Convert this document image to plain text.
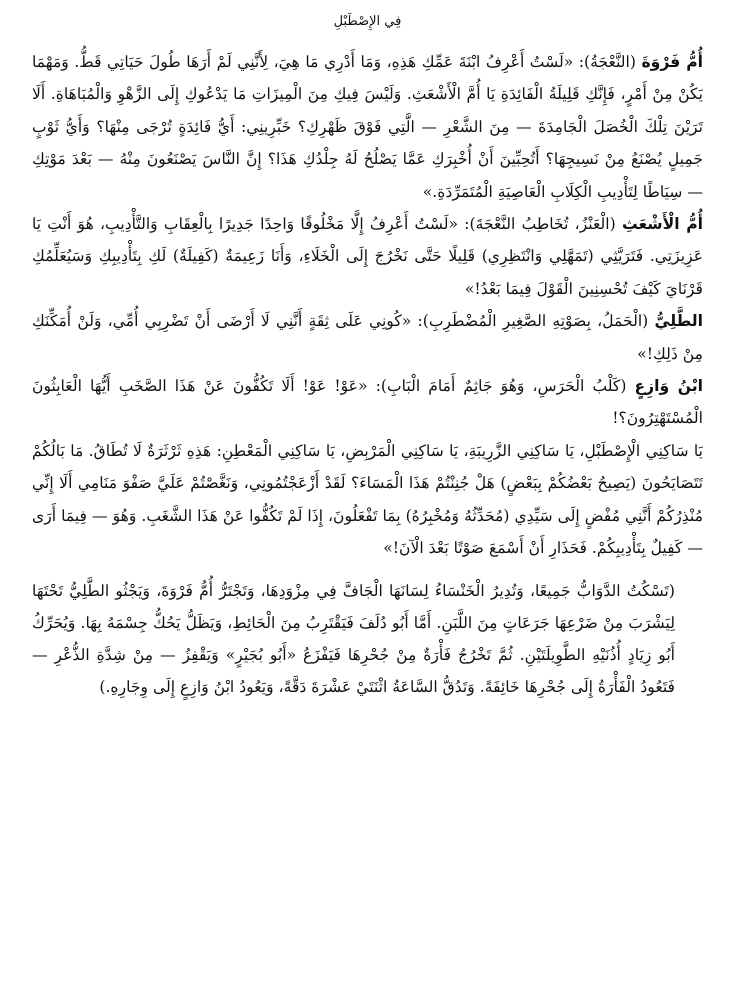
فِي الإِصْطَبْلِ

أُمُّ فَرْوَةَ (النَّعْجَةُ): «لَسْتُ أَعْرِفُ ابْنَةَ عَمِّكِ هَذِهِ، وَمَا أَدْرِي مَا هِيَ، لِأَنَّنِي لَمْ أَرَهَا طُولَ حَيَاتِي قَطُّ. وَمَهْمَا يَكُنْ مِنْ أَمْرٍ، فَإِنَّكِ قَلِيلَةُ الْفَائِدَةِ يَا أُمَّ الْأَشْعَثِ. وَلَيْسَ فِيكِ مِنَ الْمِيزَاتِ مَا يَدْعُوكِ إِلَى الزَّهْوِ وَالْمُبَاهَاةِ. أَلَا تَرَيْنَ تِلْكَ الْخُصَلَ الْجَامِدَةَ — مِنَ الشَّعْرِ — الَّتِي فَوْقَ ظَهْرِكِ؟ خَبِّرِينِي: أَيُّ فَائِدَةٍ تُرْجَى مِنْهَا؟ وَأَيُّ ثَوْبٍ جَمِيلٍ يُصْنَعُ مِنْ نَسِيجِهَا؟ أَتُحِبِّينَ أَنْ أُخْبِرَكِ عَمَّا يَصْلُحُ لَهُ جِلْدُكِ هَذَا؟ إِنَّ النَّاسَ يَصْنَعُونَ مِنْهُ — بَعْدَ مَوْتِكِ — سِيَاطًا لِتَأْدِيبِ الْكِلَابِ الْعَاصِيَةِ الْمُتَمَرِّدَةِ.»

أُمُّ الْأَشْعَثِ (الْعَنْزُ، تُخَاطِبُ النَّعْجَةَ): «لَسْتُ أَعْرِفُ إِلَّا مَخْلُوقًا وَاحِدًا جَدِيرًا بِالْعِقَابِ وَالتَّأْدِيبِ، هُوَ أَنْتِ يَا عَزِيزَتِي. فَتَرَيَّثِي (تَمَهَّلِي وَانْتَظِرِي) قَلِيلًا حَتَّى نَخْرُجَ إِلَى الْخَلَاءِ، وَأَنَا زَعِيمَةٌ (كَفِيلَةٌ) لَكِ بِتَأْدِيبِكِ وَسَيُعَلِّمُكِ قَرْنَايَ كَيْفَ تُحْسِنِينَ الْقَوْلَ فِيمَا بَعْدُ!»

الطَّلِيُّ (الْحَمَلُ، بِصَوْتِهِ الصَّغِيرِ الْمُضْطَرِبِ): «كُونِي عَلَى ثِقَةٍ أَنَّنِي لَا أَرْضَى أَنْ تَضْرِبِي أُمِّي، وَلَنْ أُمَكِّنَكِ مِنْ ذَلِكِ!»

ابْنُ وَازِعٍ (كَلْبُ الْحَرَسِ، وَهُوَ جَاثِمٌ أَمَامَ الْبَابِ): «عَوْ! عَوْ! أَلَا تَكُفُّونَ عَنْ هَذَا الصَّخَبِ أَيُّهَا الْعَابِثُونَ الْمُسْتَهْتِرُونَ؟!

يَا سَاكِنِي الْإِصْطَبْلِ، يَا سَاكِنِي الزَّرِيبَةِ، يَا سَاكِنِي الْمَرْبِضِ، يَا سَاكِنِي الْمَعْطِنِ: هَذِهِ ثَرْثَرَةٌ لَا تُطَاقُ. مَا بَالُكُمْ تَتَصَايَحُونَ (يَصِيحُ بَعْضُكُمْ بِبَعْضٍ) هَلْ جُنِنْتُمْ هَذَا الْمَسَاءَ؟ لَقَدْ أَزْعَجْتُمُونِي، وَنَغَّصْتُمْ عَلَيَّ صَفْوَ مَنَامِي أَلَا إِنِّي مُنْذِرُكُمْ أَنَّنِي مُفْضٍ إِلَى سَيِّدِي (مُحَدِّثُهُ وَمُخْبِرُهُ) بِمَا تَفْعَلُونَ، إِذَا لَمْ تَكُفُّوا عَنْ هَذَا الشَّغَبِ. وَهُوَ — فِيمَا أَرَى — كَفِيلٌ بِتَأْدِيبِكُمْ. فَحَذَارِ أَنْ أَسْمَعَ صَوْتًا بَعْدَ الْآنَ!»

(تَسْكُتُ الدَّوَابُّ جَمِيعًا، وَتُدِيرُ الْخَنْسَاءُ لِسَانَهَا الْجَافَّ فِي مِزْوَدِهَا، وَتَجْتَرُّ أُمُّ فَرْوَةَ، وَيَجْثُو الطَّلِيُّ تَحْتَهَا لِيَشْرَبَ مِنْ ضَرْعِهَا جَرَعَاتٍ مِنَ اللَّبَنِ. أَمَّا أَبُو دُلَفَ فَيَقْتَرِبُ مِنَ الْحَائِطِ، وَيَظَلُّ يَحُكُّ جِسْمَهُ بِهَا. وَيُحَرِّكُ أَبُو زِيَادٍ أُذُنَيْهِ الطَّوِيلَتَيْنِ. ثُمَّ تَخْرُجُ فَأْرَةٌ مِنْ جُحْرِهَا فَيَفْزَعُ «أَبُو بُجَيْرٍ» وَيَقْفِزُ — مِنْ شِدَّةِ الذُّعْرِ — فَتَعُودُ الْفَأْرَةُ إِلَى جُحْرِهَا خَائِفَةً. وَتَدُقُّ السَّاعَةُ اثْنَتَيْ عَشْرَةَ دَقَّةً، وَيَعُودُ ابْنُ وَازِعٍ إِلَى وِجَارِهِ.)
